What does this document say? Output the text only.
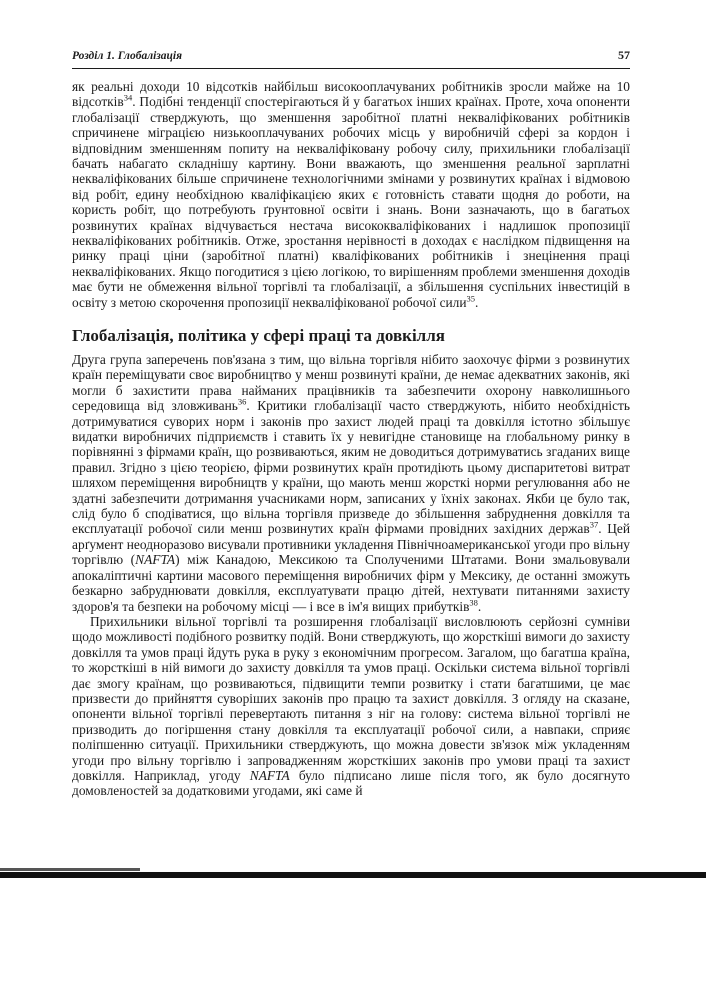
Розділ 1. Глобалізація	57

як реальні доходи 10 відсотків найбільш високооплачуваних робітників зросли майже на 10 відсотків$^{34}$. Подібні тенденції спостерігаються й у багатьох інших країнах. Проте, хоча опоненти глобалізації стверджують, що зменшення заробітної платні некваліфікованих робітників спричинене міграцією низькооплачуваних робочих місць у виробничій сфері за кордон і відповідним зменшенням попиту на некваліфіковану робочу силу, прихильники глобалізації бачать набагато складнішу картину. Вони вважають, що зменшення реальної зарплатні некваліфікованих більше спричинене технологічними змінами у розвинутих країнах і відмовою від робіт, едину необхідною кваліфікацією яких є готовність ставати щодня до роботи, на користь робіт, що потребують ґрунтовної освіти і знань. Вони зазначають, що в багатьох розвинутих країнах відчувається нестача висококваліфікованих і надлишок пропозиції некваліфікованих робітників. Отже, зростання нерівності в доходах є наслідком підвищення на ринку праці ціни (заробітної платні) кваліфікованих робітників і знецінення праці некваліфікованих. Якщо погодитися з цією логікою, то вирішенням проблеми зменшення доходів має бути не обмеження вільної торгівлі та глобалізації, а збільшення суспільних інвестицій в освіту з метою скорочення пропозиції некваліфікованої робочої сили$^{35}$.

Глобалізація, політика у сфері праці та довкілля

Друга група заперечень пов'язана з тим, що вільна торгівля нібито заохочує фірми з розвинутих країн переміщувати своє виробництво у менш розвинуті країни, де немає адекватних законів, які могли б захистити права найманих працівників та забезпечити охорону навколишнього середовища від зловживань$^{36}$. Критики глобалізації часто стверджують, нібито необхідність дотримуватися суворих норм і законів про захист людей праці та довкілля істотно збільшує видатки виробничих підприємств і ставить їх у невигідне становище на глобальному ринку в порівнянні з фірмами країн, що розвиваються, яким не доводиться дотримуватись згаданих вище правил. Згідно з цією теорією, фірми розвинутих країн протидіють цьому диспаритетові витрат шляхом переміщення виробництв у країни, що мають менш жорсткі норми регулювання або не здатні забезпечити дотримання учасниками норм, записаних у їхніх законах. Якби це було так, слід було б сподіватися, що вільна торгівля призведе до збільшення забруднення довкілля та експлуатації робочої сили менш розвинутих країн фірмами провідних західних держав$^{37}$. Цей арґумент неодноразово висували противники укладення Північноамериканської угоди про вільну торгівлю (NAFTA) між Канадою, Мексикою та Сполученими Штатами. Вони змальовували апокаліптичні картини масового переміщення виробничих фірм у Мексику, де останні зможуть безкарно забруднювати довкілля, експлуатувати працю дітей, нехтувати питаннями захисту здоров'я та безпеки на робочому місці — і все в ім'я вищих прибутків$^{38}$.

Прихильники вільної торгівлі та розширення глобалізації висловлюють серйозні сумніви щодо можливості подібного розвитку подій. Вони стверджують, що жорсткіші вимоги до захисту довкілля та умов праці йдуть рука в руку з економічним прогресом. Загалом, що багатша країна, то жорсткіші в ній вимоги до захисту довкілля та умов праці. Оскільки система вільної торгівлі дає змогу країнам, що розвиваються, підвищити темпи розвитку і стати багатшими, це має призвести до прийняття суворіших законів про працю та захист довкілля. З огляду на сказане, опоненти вільної торгівлі перевертають питання з ніг на голову: система вільної торгівлі не призводить до погіршення стану довкілля та експлуатації робочої сили, а навпаки, сприяє поліпшенню ситуації. Прихильники стверджують, що можна довести зв'язок між укладенням угоди про вільну торгівлю і запровадженням жорсткіших законів про умови праці та захист довкілля. Наприклад, угоду NAFTA було підписано лише після того, як було досягнуто домовленостей за додатковими угодами, які саме й
